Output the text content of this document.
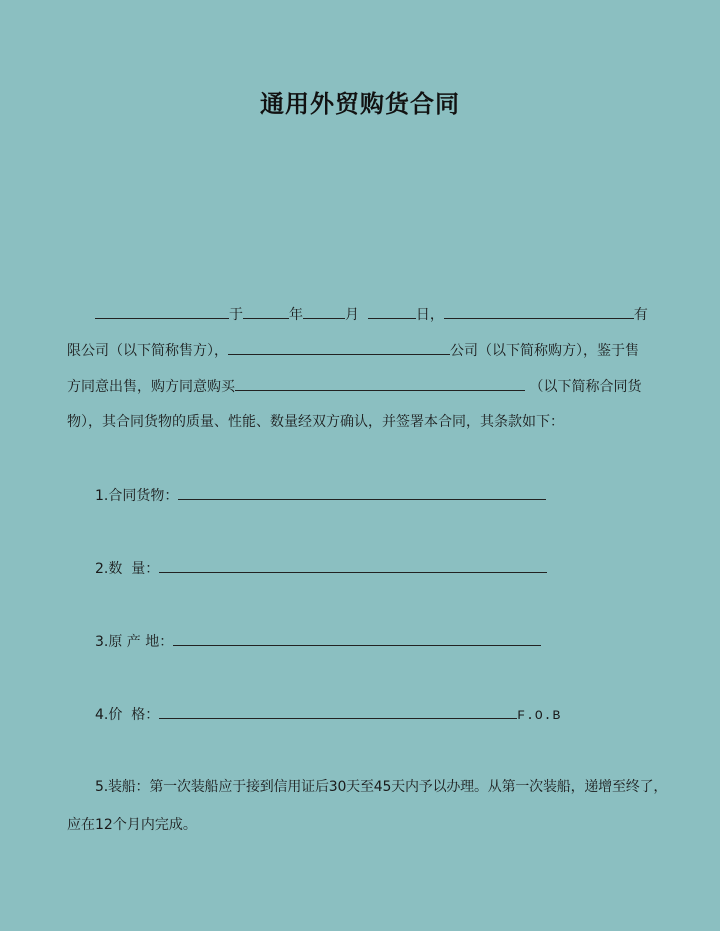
通用外贸购货合同
于	年	月	日，	有
限公司（以下简称售方），	公司（以下简称购方），鉴于售
方同意出售，购方同意购买	（以下简称合同货
物），其合同货物的质量、性能、数量经双方确认，并签署本合同，其条款如下：
1.合同货物：
2.数  量：
3.原 产 地：
4.价  格：	F.O.B
5.装船：第一次装船应于接到信用证后30天至45天内予以办理。从第一次装船，递增至终了，
应在12个月内完成。
